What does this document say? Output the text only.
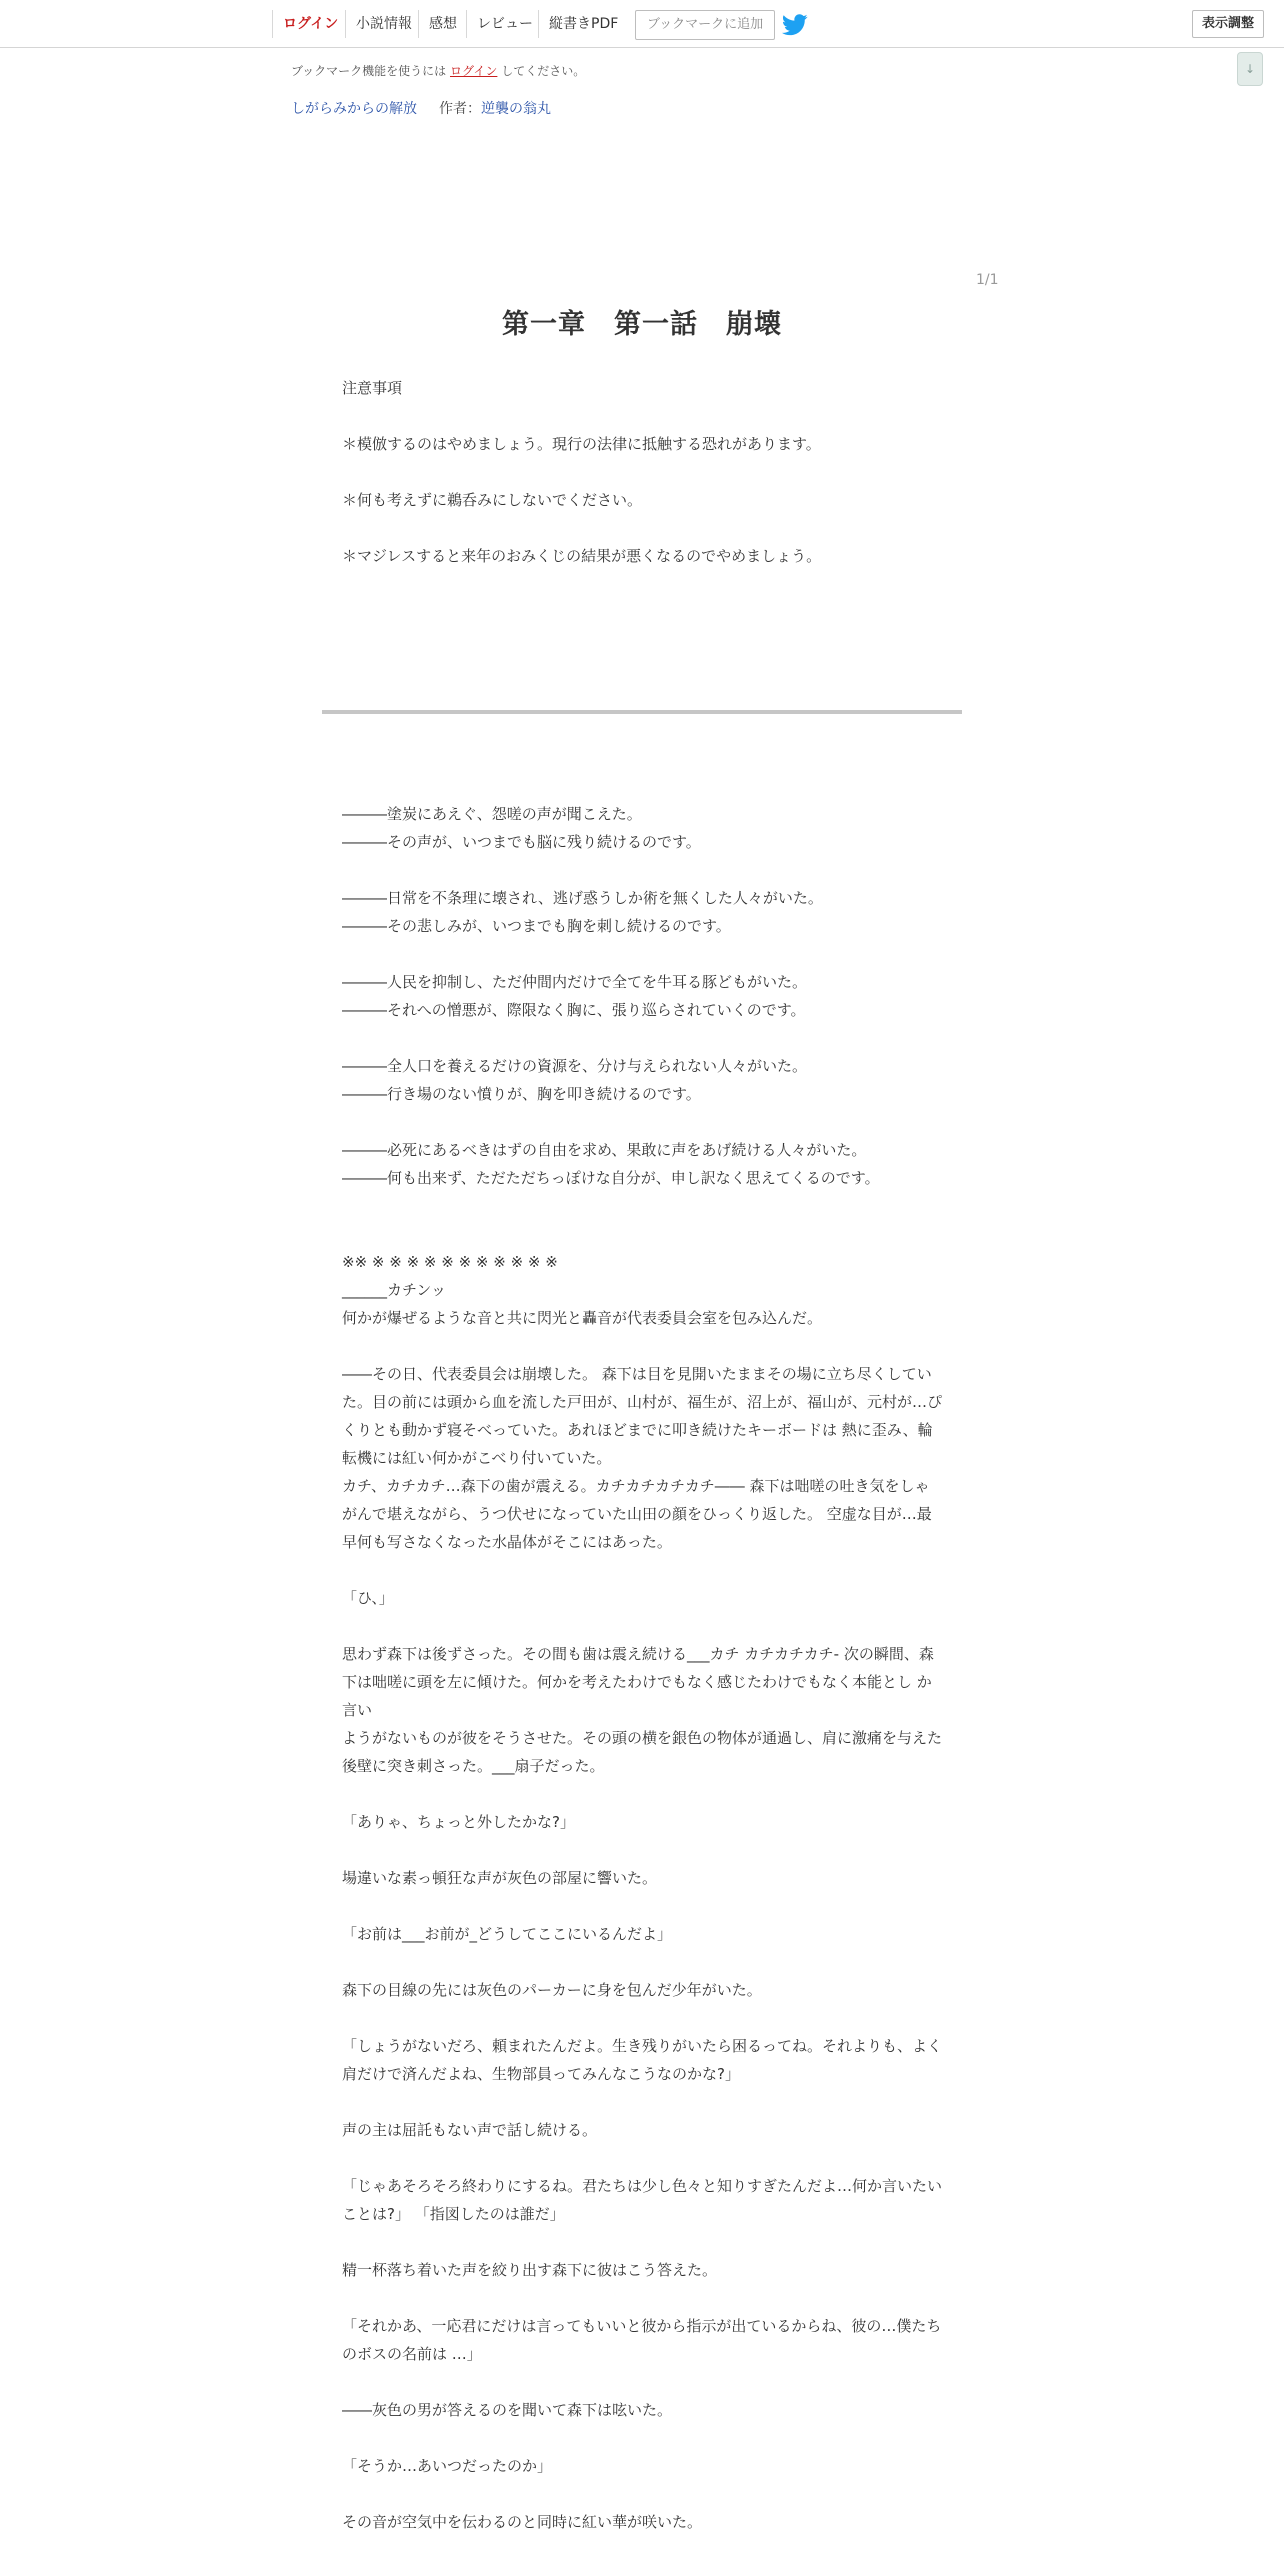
ログイン	小説情報	感想	レビュー	縦書きPDF	ブックマークに追加	表示調整
↓
ブックマーク機能を使うには ログイン してください。
しがらみからの解放 作者：逆襲の翁丸
1/1
第一章　第一話　崩壊

注意事項

＊模倣するのはやめましょう。現行の法律に抵触する恐れがあります。

＊何も考えずに鵜呑みにしないでください。

＊マジレスすると来年のおみくじの結果が悪くなるのでやめましょう。

―――塗炭にあえぐ、怨嗟の声が聞こえた。

―――その声が、いつまでも脳に残り続けるのです。

―――日常を不条理に壊され、逃げ惑うしか術を無くした人々がいた。

―――その悲しみが、いつまでも胸を刺し続けるのです。

―――人民を抑制し、ただ仲間内だけで全てを牛耳る豚どもがいた。

―――それへの憎悪が、際限なく胸に、張り巡らされていくのです。

―――全人口を養えるだけの資源を、分け与えられない人々がいた。

―――行き場のない憤りが、胸を叩き続けるのです。

―――必死にあるべきはずの自由を求め、果敢に声をあげ続ける人々がいた。

―――何も出来ず、ただただちっぽけな自分が、申し訳なく思えてくるのです。

※※ ※ ※ ※ ※ ※ ※ ※ ※ ※ ※ ※

______カチンッ

何かが爆ぜるような音と共に閃光と轟音が代表委員会室を包み込んだ。

――その日、代表委員会は崩壊した。 森下は目を見開いたままその場に立ち尽くしていた。目の前には頭から血を流した戸田が、山村が、福生が、沼上が、福山が、元村が…ぴくりとも動かず寝そべっていた。あれほどまでに叩き続けたキーボードは 熱に歪み、輪転機には紅い何かがこべり付いていた。

カチ、カチカチ…森下の歯が震える。カチカチカチカチ―― 森下は咄嗟の吐き気をしゃがんで堪えながら、うつ伏せになっていた山田の顔をひっくり返した。 空虚な目が…最早何も写さなくなった水晶体がそこにはあった。

「ひ、」

思わず森下は後ずさった。その間も歯は震え続ける___カチ カチカチカチ- 次の瞬間、森下は咄嗟に頭を左に傾けた。何かを考えたわけでもなく感じたわけでもなく本能とし か言い

ようがないものが彼をそうさせた。その頭の横を銀色の物体が通過し、肩に激痛を与えた後壁に突き刺さった。___扇子だった。

「ありゃ、ちょっと外したかな?」

場違いな素っ頓狂な声が灰色の部屋に響いた。

「お前は___お前が_どうしてここにいるんだよ」

森下の目線の先には灰色のパーカーに身を包んだ少年がいた。

「しょうがないだろ、頼まれたんだよ。生き残りがいたら困るってね。それよりも、よく肩だけで済んだよね、生物部員ってみんなこうなのかな?」

声の主は屈託もない声で話し続ける。

「じゃあそろそろ終わりにするね。君たちは少し色々と知りすぎたんだよ…何か言いたいことは?」 「指図したのは誰だ」

精一杯落ち着いた声を絞り出す森下に彼はこう答えた。

「それかあ、一応君にだけは言ってもいいと彼から指示が出ているからね、彼の…僕たちのボスの名前は …」

――灰色の男が答えるのを聞いて森下は呟いた。

「そうか…あいつだったのか」

その音が空気中を伝わるのと同時に紅い華が咲いた。
